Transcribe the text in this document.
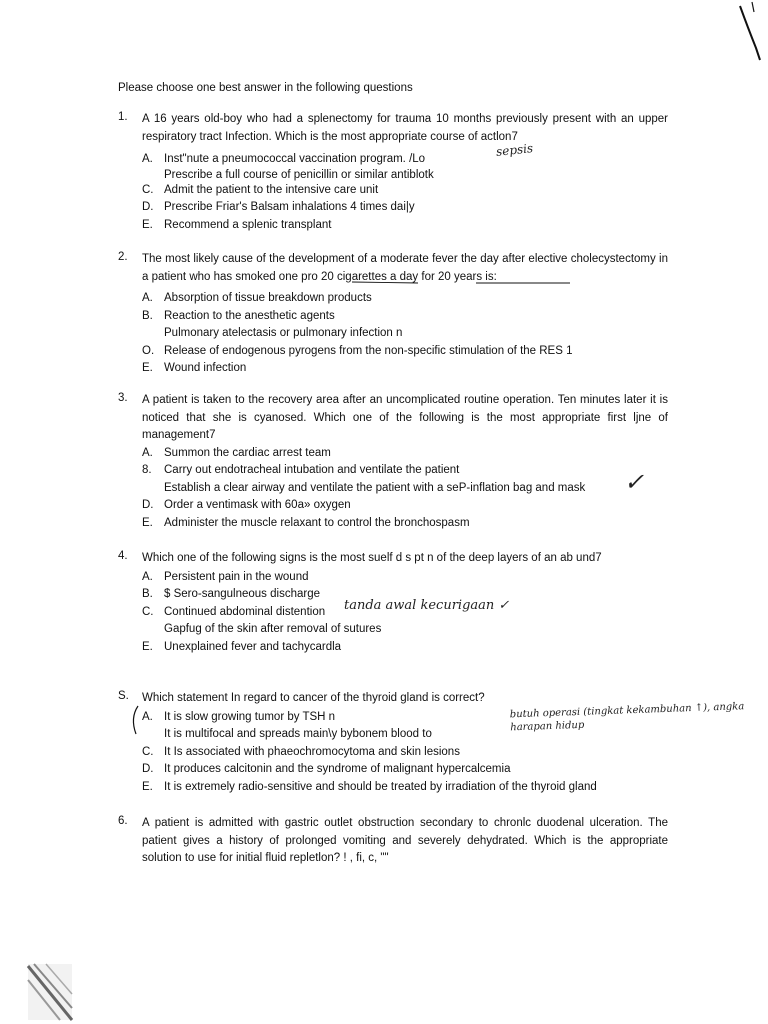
Please choose one best answer in the following questions
1. A 16 years old-boy who had a splenectomy for trauma 10 months previously present with an upper respiratory tract Infection. Which is the most appropriate course of actlon7
A. Inst"nute a pneumococcal vaccination program. /Lo
Prescribe a full course of penicillin or similar antiblotk
C. Admit the patient to the intensive care unit
D. Prescribe Friar's Balsam inhalations 4 times dai|y
E. Recommend a splenic transplant
sepsis
2. The most likely cause of the development of a moderate fever the day after elective cholecystectomy in a patient who has smoked one pro 20 cigarettes a day for 20 years is:
A. Absorption of tissue breakdown products
B. Reaction to the anesthetic agents
Pulmonary atelectasis or pulmonary infection n
O. Release of endogenous pyrogens from the non-specific stimulation of the RES 1
E. Wound infection
3. A patient is taken to the recovery area after an uncomplicated routine operation. Ten minutes later it is noticed that she is cyanosed. Which one of the following is the most appropriate first ljne of management7
A. Summon the cardiac arrest team
8. Carry out endotracheal intubation and ventilate the patient
Establish a clear airway and ventilate the patient with a seP-inflation bag and mask
D. Order a ventimask with 60a» oxygen
E. Administer the muscle relaxant to control the bronchospasm
✓
4. Which one of the following signs is the most suelf d s pt n of the deep layers of an ab und7
A. Persistent pain in the wound
B. $ Sero-sangulneous discharge
C. Continued abdominal distention
Gapfug of the skin after removal of sutures
E. Unexplained fever and tachycardla
tanda awal kecurigaan ✓
S. Which statement In regard to cancer of the thyroid gland is correct?
A. It is slow growing tumor by TSH n
It is multifocal and spreads main\y bybonem blood to
C. It Is associated with phaeochromocytoma and skin lesions
D. It produces calcitonin and the syndrome of malignant hypercalcemia
E. It is extremely radio-sensitive and should be treated by irradiation of the thyroid gland
butuh operasi (tingkat kekambuhan ↑), angka harapan hidup
6. A patient is admitted with gastric outlet obstruction secondary to chronlc duodenal ulceration. The patient gives a history of prolonged vomiting and severely dehydrated. Which is the appropriate solution to use for initial fluid repletlon? ! , fi, c, ""
